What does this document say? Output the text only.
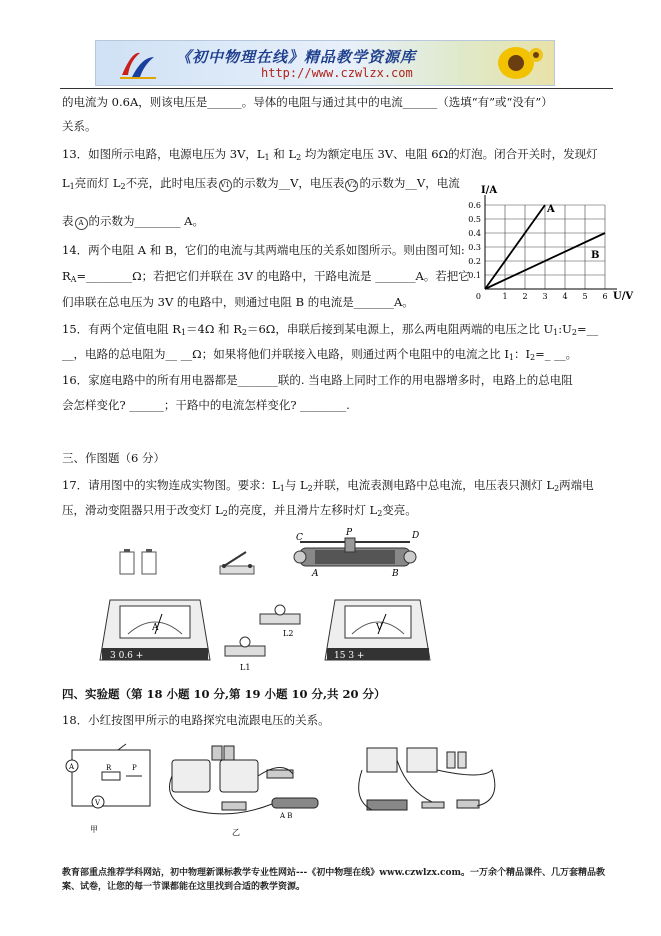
《初中物理在线》精品教学资源库
http://www.czwlzx.com
的电流为 0.6A，则该电压是______。导体的电阻与通过其中的电流______（选填“有”或“没有”）
关系。
13．如图所示电路，电源电压为 3V，$L_1$ 和 $L_2$ 均为额定电压 3V、电阻 6Ω的灯泡。闭合开关时，发现灯
$L_1$亮而灯 $L_2$不亮，此时电压表 V1 的示数为__V，电压表 V2 的示数为__V，电流
表 A 的示数为________ A。
14．两个电阻 A 和 B，它们的电流与其两端电压的关系如图所示。则由图可知:
$R_A=\_\_\_\_\_\_\_\_\Omega$；若把它们并联在 3V 的电路中，干路电流是 _______A。若把它
们串联在总电压为 3V 的电路中，则通过电阻 B 的电流是_______A。
0.6
0.5
0.4
0.3
0.2
0.1
1 2 3 4 5 6
0
I/A
U/V
A
B
15．有两个定值电阻 $R_1=4\Omega$ 和 $R_2=6\Omega$，串联后接到某电源上，那么两电阻两端的电压之比 $U_1:U_2=\_\_$
__，电路的总电阻为__ __Ω；如果将他们并联接入电路，则通过两个电阻中的电流之比 $I_1$：$I_2=\_$ __。
16．家庭电路中的所有用电器都是_______联的. 当电路上同时工作的用电器增多时，电路上的总电阻
会怎样变化? ______；干路中的电流怎样变化? ________.
三、作图题（6 分）
17．请用图中的实物连成实物图。要求：$L_1$与 $L_2$并联，电流表测电路中总电流，电压表只测灯 $L_2$两端电
压，滑动变阻器只用于改变灯 $L_2$的亮度，并且滑片左移时灯 $L_2$变亮。
C	P	D
A	B
A
3 0.6 +
L2
L1
V
15 3 +
四、实验题（第 18 小题 10 分,第 19 小题 10 分,共 20 分）
18．小红按图甲所示的电路探究电流跟电压的关系。
A
V
R	P
甲
A B
乙
教育部重点推荐学科网站，初中物理新课标教学专业性网站---《初中物理在线》www.czwlzx.com。一万余个精品课件、几万套精品教案、试卷，让您的每一节课都能在这里找到合适的教学资源。
